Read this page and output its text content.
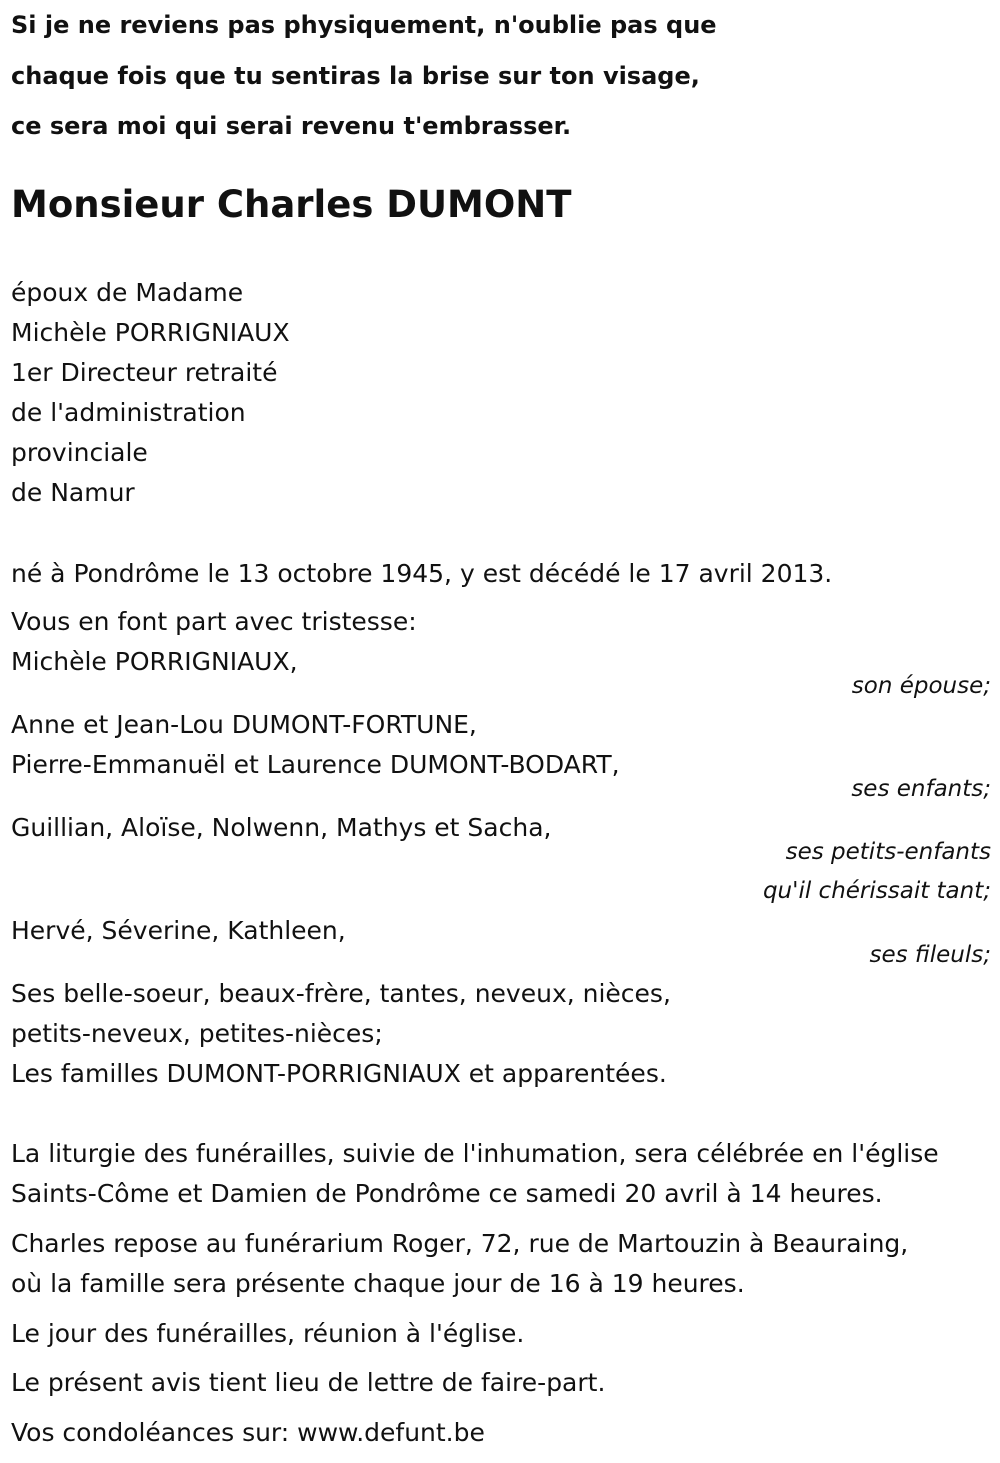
Si je ne reviens pas physiquement, n'oublie pas que
chaque fois que tu sentiras la brise sur ton visage,
ce sera moi qui serai revenu t'embrasser.
Monsieur Charles DUMONT
époux de Madame
Michèle PORRIGNIAUX
1er Directeur retraité
de l'administration
provinciale
de Namur
né à Pondrôme le 13 octobre 1945, y est décédé le 17 avril 2013.
Vous en font part avec tristesse:
Michèle PORRIGNIAUX,
son épouse;
Anne et Jean-Lou DUMONT-FORTUNE,
Pierre-Emmanuël et Laurence DUMONT-BODART,
ses enfants;
Guillian, Aloïse, Nolwenn, Mathys et Sacha,
ses petits-enfants
qu'il chérissait tant;
Hervé, Séverine, Kathleen,
ses fileuls;
Ses belle-soeur, beaux-frère, tantes, neveux, nièces,
petits-neveux, petites-nièces;
Les familles DUMONT-PORRIGNIAUX et apparentées.
La liturgie des funérailles, suivie de l'inhumation, sera célébrée en l'église
Saints-Côme et Damien de Pondrôme ce samedi 20 avril à 14 heures.
Charles repose au funérarium Roger, 72, rue de Martouzin à Beauraing,
où la famille sera présente chaque jour de 16 à 19 heures.
Le jour des funérailles, réunion à l'église.
Le présent avis tient lieu de lettre de faire-part.
Vos condoléances sur: www.defunt.be
